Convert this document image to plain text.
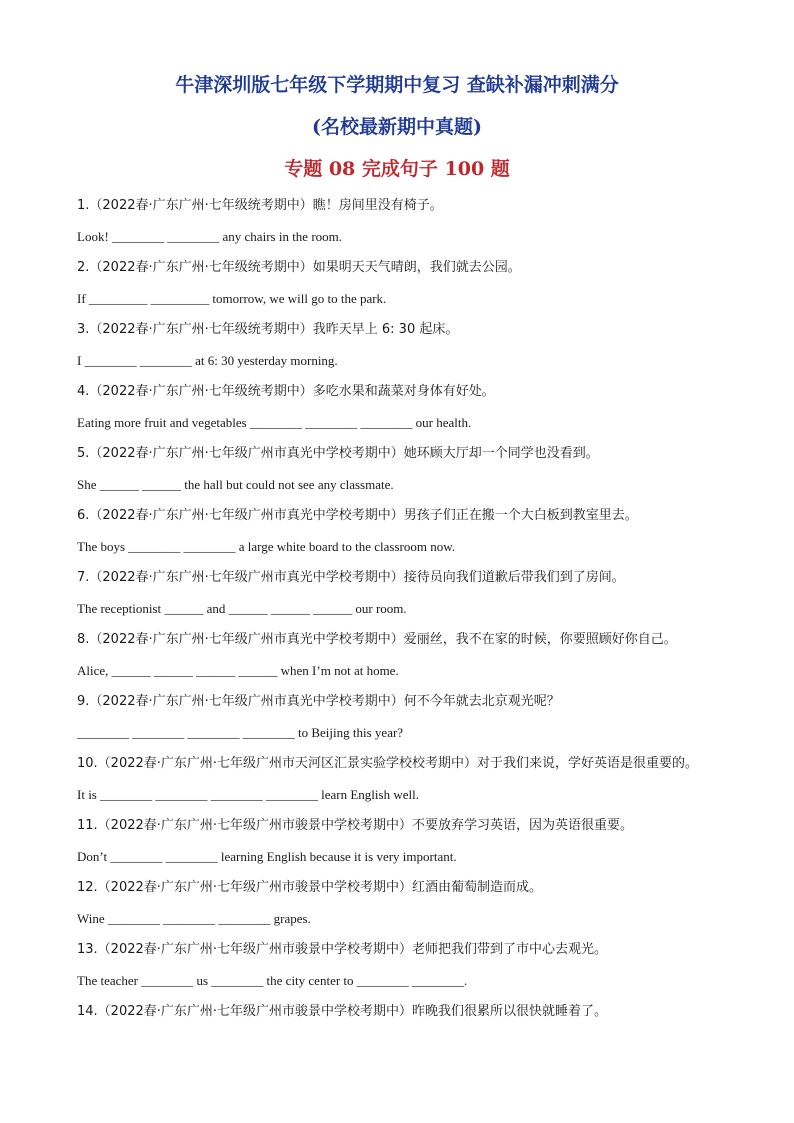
牛津深圳版七年级下学期期中复习 查缺补漏冲刺满分
(名校最新期中真题)
专题 08 完成句子 100 题

1.（2022春·广东广州·七年级统考期中）瞧！房间里没有椅子。

Look! ________ ________ any chairs in the room.

2.（2022春·广东广州·七年级统考期中）如果明天天气晴朗，我们就去公园。

If _________ _________ tomorrow, we will go to the park.

3.（2022春·广东广州·七年级统考期中）我昨天早上 6: 30 起床。

I ________ ________ at 6: 30 yesterday morning.

4.（2022春·广东广州·七年级统考期中）多吃水果和蔬菜对身体有好处。

Eating more fruit and vegetables ________ ________ ________ our health.

5.（2022春·广东广州·七年级广州市真光中学校考期中）她环顾大厅却一个同学也没看到。

She ______ ______ the hall but could not see any classmate.

6.（2022春·广东广州·七年级广州市真光中学校考期中）男孩子们正在搬一个大白板到教室里去。

The boys ________ ________ a large white board to the classroom now.

7.（2022春·广东广州·七年级广州市真光中学校考期中）接待员向我们道歉后带我们到了房间。

The receptionist ______ and ______ ______ ______ our room.

8.（2022春·广东广州·七年级广州市真光中学校考期中）爱丽丝，我不在家的时候，你要照顾好你自己。

Alice, ______ ______ ______ ______ when I’m not at home.

9.（2022春·广东广州·七年级广州市真光中学校考期中）何不今年就去北京观光呢？

________ ________ ________ ________ to Beijing this year?

10.（2022春·广东广州·七年级广州市天河区汇景实验学校校考期中）对于我们来说，学好英语是很重要的。

It is ________ ________ ________ ________ learn English well.

11.（2022春·广东广州·七年级广州市骏景中学校考期中）不要放弃学习英语，因为英语很重要。

Don’t ________ ________ learning English because it is very important.

12.（2022春·广东广州·七年级广州市骏景中学校考期中）红酒由葡萄制造而成。

Wine ________ ________ ________ grapes.

13.（2022春·广东广州·七年级广州市骏景中学校考期中）老师把我们带到了市中心去观光。

The teacher ________ us ________ the city center to ________ ________.

14.（2022春·广东广州·七年级广州市骏景中学校考期中）昨晚我们很累所以很快就睡着了。
